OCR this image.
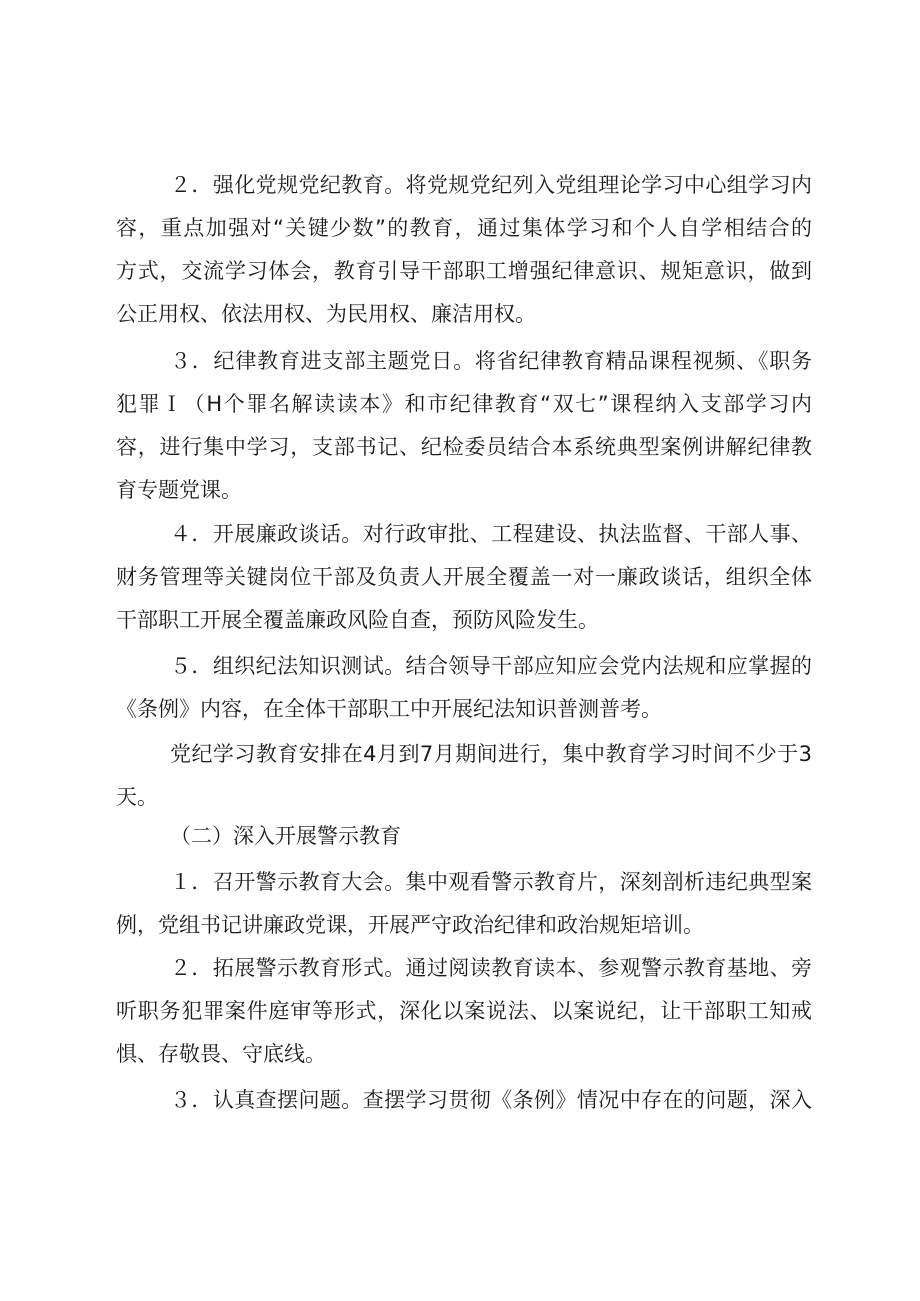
２．强化党规党纪教育。将党规党纪列入党组理论学习中心组学习内
容，重点加强对“关键少数”的教育，通过集体学习和个人自学相结合的
方式，交流学习体会，教育引导干部职工增强纪律意识、规矩意识，做到
公正用权、依法用权、为民用权、廉洁用权。
３．纪律教育进支部主题党日。将省纪律教育精品课程视频、《职务
犯罪Ｉ（H个罪名解读读本》和市纪律教育“双七”课程纳入支部学习内
容，进行集中学习，支部书记、纪检委员结合本系统典型案例讲解纪律教
育专题党课。
４．开展廉政谈话。对行政审批、工程建设、执法监督、干部人事、
财务管理等关键岗位干部及负责人开展全覆盖一对一廉政谈话，组织全体
干部职工开展全覆盖廉政风险自查，预防风险发生。
５．组织纪法知识测试。结合领导干部应知应会党内法规和应掌握的
《条例》内容，在全体干部职工中开展纪法知识普测普考。
党纪学习教育安排在4月到7月期间进行，集中教育学习时间不少于3
天。
（二）深入开展警示教育
１．召开警示教育大会。集中观看警示教育片，深刻剖析违纪典型案
例，党组书记讲廉政党课，开展严守政治纪律和政治规矩培训。
２．拓展警示教育形式。通过阅读教育读本、参观警示教育基地、旁
听职务犯罪案件庭审等形式，深化以案说法、以案说纪，让干部职工知戒
惧、存敬畏、守底线。
３．认真查摆问题。查摆学习贯彻《条例》情况中存在的问题，深入
